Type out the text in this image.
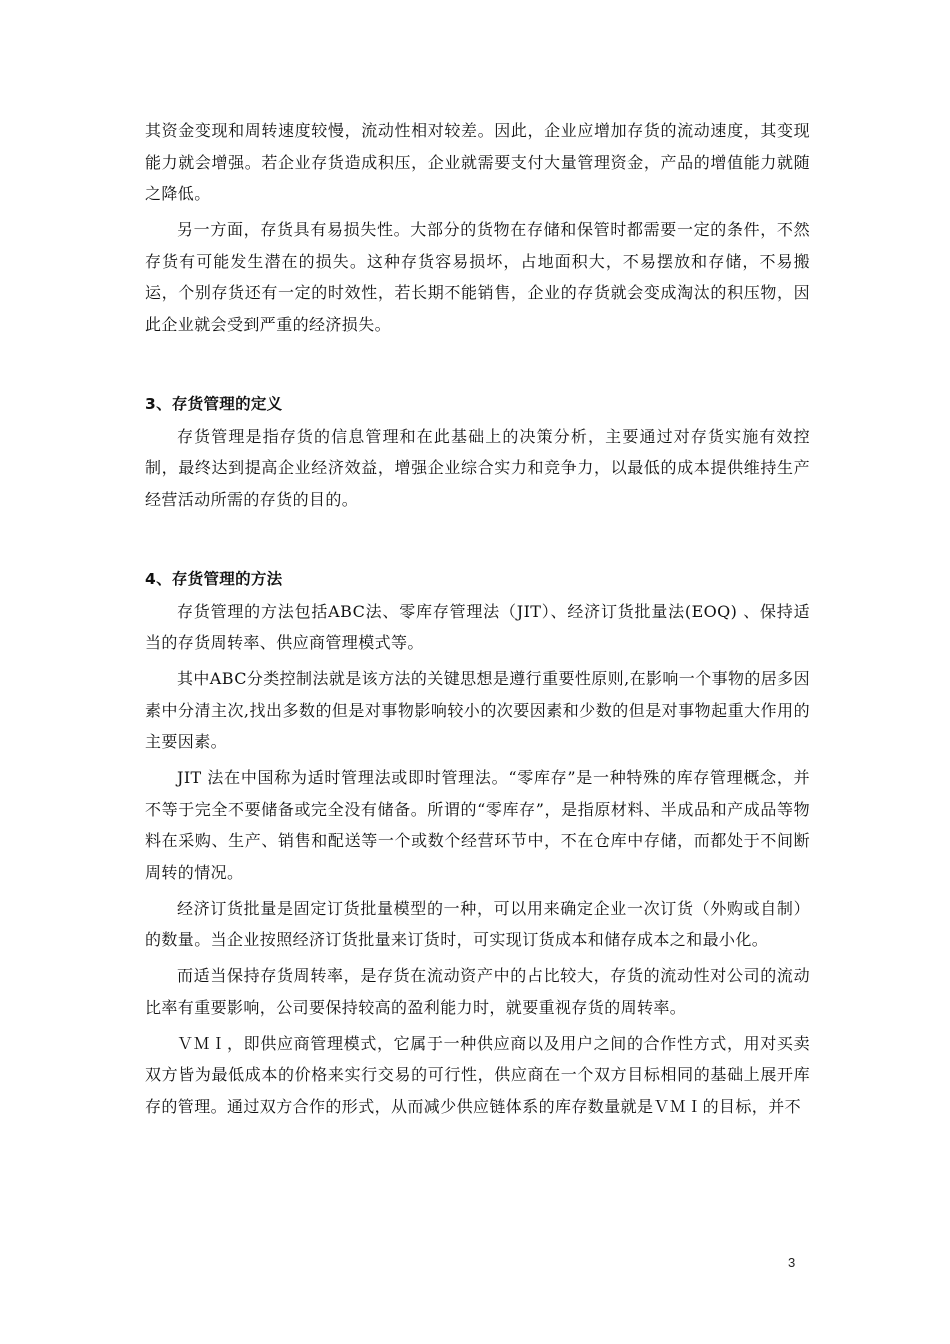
其资金变现和周转速度较慢，流动性相对较差。因此，企业应增加存货的流动速度，其变现能力就会增强。若企业存货造成积压，企业就需要支付大量管理资金，产品的增值能力就随之降低。

另一方面，存货具有易损失性。大部分的货物在存储和保管时都需要一定的条件，不然存货有可能发生潜在的损失。这种存货容易损坏，占地面积大，不易摆放和存储，不易搬运，个别存货还有一定的时效性，若长期不能销售，企业的存货就会变成淘汰的积压物，因此企业就会受到严重的经济损失。

3、存货管理的定义

存货管理是指存货的信息管理和在此基础上的决策分析，主要通过对存货实施有效控制，最终达到提高企业经济效益，增强企业综合实力和竞争力，以最低的成本提供维持生产经营活动所需的存货的目的。

4、存货管理的方法

存货管理的方法包括ABC法、零库存管理法（JIT）、经济订货批量法(EOQ) 、保持适当的存货周转率、供应商管理模式等。

其中ABC分类控制法就是该方法的关键思想是遵行重要性原则,在影响一个事物的居多因素中分清主次,找出多数的但是对事物影响较小的次要因素和少数的但是对事物起重大作用的主要因素。

JIT 法在中国称为适时管理法或即时管理法。“零库存”是一种特殊的库存管理概念，并不等于完全不要储备或完全没有储备。所谓的“零库存”，是指原材料、半成品和产成品等物料在采购、生产、销售和配送等一个或数个经营环节中，不在仓库中存储，而都处于不间断周转的情况。

经济订货批量是固定订货批量模型的一种，可以用来确定企业一次订货（外购或自制）的数量。当企业按照经济订货批量来订货时，可实现订货成本和储存成本之和最小化。

而适当保持存货周转率，是存货在流动资产中的占比较大，存货的流动性对公司的流动比率有重要影响，公司要保持较高的盈利能力时，就要重视存货的周转率。

ＶＭＩ，即供应商管理模式，它属于一种供应商以及用户之间的合作性方式，用对买卖双方皆为最低成本的价格来实行交易的可行性，供应商在一个双方目标相同的基础上展开库存的管理。通过双方合作的形式，从而减少供应链体系的库存数量就是ＶＭＩ的目标，并不

3
